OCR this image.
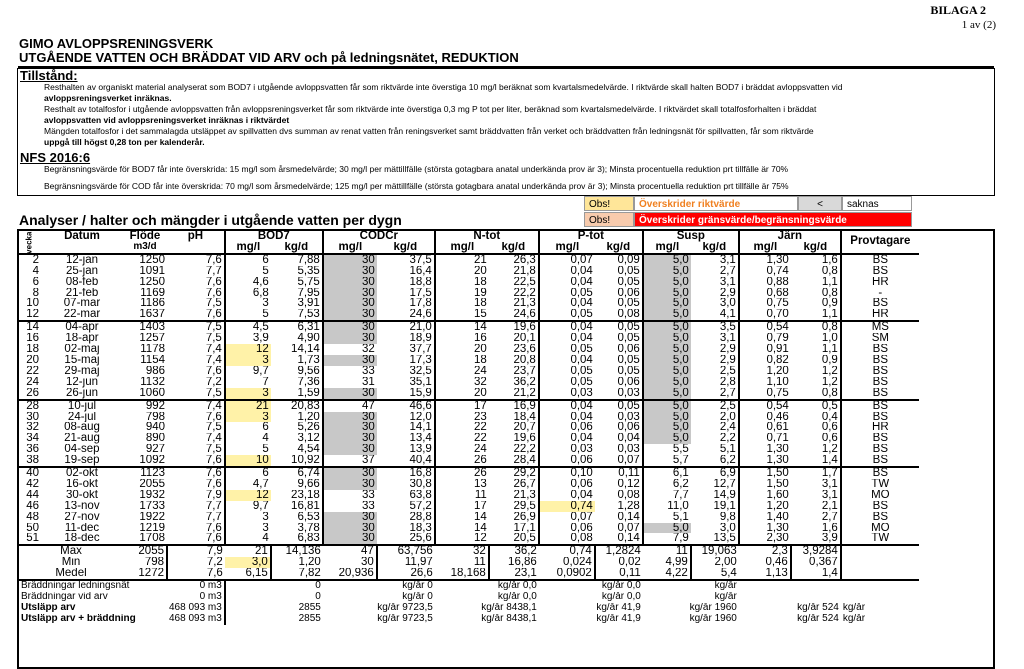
BILAGA 2
1 av (2)
GIMO AVLOPPSRENINGSVERK
UTGÅENDE VATTEN OCH BRÄDDAT VID ARV och på ledningsnätet, REDUKTION
Tillstånd:
Resthalten av organiskt material analyserat som BOD7 i utgående avloppsvatten får som riktvärde inte överstiga 10 mg/l beräknat som kvartalsmedelvärde. I riktvärde skall halten BOD7 i bräddat avloppsvatten vid
avloppsreningsverket inräknas.
Resthalt av totalfosfor i utgående avloppsvatten från avloppsreningsverket får som riktvärde inte överstiga 0,3 mg P tot per liter, beräknad som kvartalsmedelvärde. I riktvärdet skall totalfosforhalten i bräddat
avloppsvatten vid avloppsreningsverket inräknas i riktvärdet
Mängden totalfosfor i det sammalagda utsläppet av spillvatten dvs summan av renat vatten från reningsverket samt bräddvatten från verket och bräddvatten från ledningsnät för spillvatten, får som riktvärde
uppgå till högst 0,28 ton per kalenderår.
NFS 2016:6
Begränsningsvärde för BOD7 får inte överskrida: 15 mg/l som årsmedelvärde; 30 mg/l per mättillfälle (största gotagbara anatal underkända prov är 3); Minsta procentuella reduktion prt tillfälle är 70%
Begränsningsvärde för COD får inte överskrida: 70 mg/l som årsmedelvärde; 125 mg/l per mättillfälle (största gotagbara anatal underkända prov är 3); Minsta procentuella reduktion prt tillfälle är 75%
Obs!	Överskrider riktvärde	<	saknas
Obs!	Överskrider gränsvärde/begränsningsvärde
Analyser / halter och mängder i utgående vatten per dygn
vecka	Datum	Flöde	pH	BOD7		CODCr		N-tot		P-tot		Susp		Järn		Provtagare
		m3/d		mg/l	kg/d	mg/l	kg/d	mg/l	kg/d	mg/l	kg/d	mg/l	kg/d	mg/l	kg/d	
2	12-jan	1250	7,6	6	7,88	30	37,5	21	26,3	0,07	0,09	5,0	3,1	1,30	1,6	BS
4	25-jan	1091	7,7	5	5,35	30	16,4	20	21,8	0,04	0,05	5,0	2,7	0,74	0,8	BS
6	08-feb	1250	7,6	4,6	5,75	30	18,8	18	22,5	0,04	0,05	5,0	3,1	0,88	1,1	HR
8	21-feb	1169	7,6	6,8	7,95	30	17,5	19	22,2	0,05	0,06	5,0	2,9	0,68	0,8	-
10	07-mar	1186	7,5	3	3,91	30	17,8	18	21,3	0,04	0,05	5,0	3,0	0,75	0,9	BS
12	22-mar	1637	7,6	5	7,53	30	24,6	15	24,6	0,05	0,08	5,0	4,1	0,70	1,1	HR
14	04-apr	1403	7,5	4,5	6,31	30	21,0	14	19,6	0,04	0,05	5,0	3,5	0,54	0,8	MS
16	18-apr	1257	7,5	3,9	4,90	30	18,9	16	20,1	0,04	0,05	5,0	3,1	0,79	1,0	SM
18	02-maj	1178	7,4	12	14,14	32	37,7	20	23,6	0,05	0,06	5,0	2,9	0,91	1,1	BS
20	15-maj	1154	7,4	3	1,73	30	17,3	18	20,8	0,04	0,05	5,0	2,9	0,82	0,9	BS
22	29-maj	986	7,6	9,7	9,56	33	32,5	24	23,7	0,05	0,05	5,0	2,5	1,20	1,2	BS
24	12-jun	1132	7,2	7	7,36	31	35,1	32	36,2	0,05	0,06	5,0	2,8	1,10	1,2	BS
26	26-jun	1060	7,5	3	1,59	30	15,9	20	21,2	0,03	0,03	5,0	2,7	0,75	0,8	BS
28	10-jul	992	7,4	21	20,83	47	46,6	17	16,9	0,04	0,05	5,0	2,5	0,54	0,5	BS
30	24-jul	798	7,6	3	1,20	30	12,0	23	18,4	0,04	0,03	5,0	2,0	0,46	0,4	BS
32	08-aug	940	7,5	6	5,26	30	14,1	22	20,7	0,06	0,06	5,0	2,4	0,61	0,6	HR
34	21-aug	890	7,4	4	3,12	30	13,4	22	19,6	0,04	0,04	5,0	2,2	0,71	0,6	BS
36	04-sep	927	7,5	5	4,54	30	13,9	24	22,2	0,03	0,03	5,5	5,1	1,30	1,2	BS
38	19-sep	1092	7,6	10	10,92	37	40,4	26	28,4	0,06	0,07	5,7	6,2	1,30	1,4	BS
40	02-okt	1123	7,6	6	6,74	30	16,8	26	29,2	0,10	0,11	6,1	6,9	1,50	1,7	BS
42	16-okt	2055	7,6	4,7	9,66	30	30,8	13	26,7	0,06	0,12	6,2	12,7	1,50	3,1	TW
44	30-okt	1932	7,9	12	23,18	33	63,8	11	21,3	0,04	0,08	7,7	14,9	1,60	3,1	MO
46	13-nov	1733	7,7	9,7	16,81	33	57,2	17	29,5	0,74	1,28	11,0	19,1	1,20	2,1	BS
48	27-nov	1922	7,7	3	6,53	30	28,8	14	26,9	0,07	0,14	5,1	9,8	1,40	2,7	BS
50	11-dec	1219	7,6	3	3,78	30	18,3	14	17,1	0,06	0,07	5,0	3,0	1,30	1,6	MO
51	18-dec	1708	7,6	4	6,83	30	25,6	12	20,5	0,08	0,14	7,9	13,5	2,30	3,9	TW
Max		2055	7,9	21	14,136	47	63,756	32	36,2	0,74	1,2824	11	19,063	2,3	3,9284	
Min		798	7,2	3,0	1,20	30	11,97	11	16,86	0,024	0,02	4,99	2,00	0,46	0,367	
Medel		1272	7,6	6,15	7,82	20,936	26,6	18,168	23,1	0,0902	0,11	4,22	5,4	1,13	1,4	
Bräddningar ledningsnät			0 m3	0		kg/år 0		kg/år 0,0		kg/år 0,0		kg/år				
Bräddningar vid arv			0 m3	0		kg/år 0		kg/år 0,0		kg/år 0,0		kg/år				
Utsläpp arv			468 093 m3	2855		kg/år 9723,5		kg/år 8438,1		kg/år 41,9		kg/år 1960		kg/år 524		kg/år
Utsläpp arv + bräddning			468 093 m3	2855		kg/år 9723,5		kg/år 8438,1		kg/år 41,9		kg/år 1960		kg/år 524		kg/år
